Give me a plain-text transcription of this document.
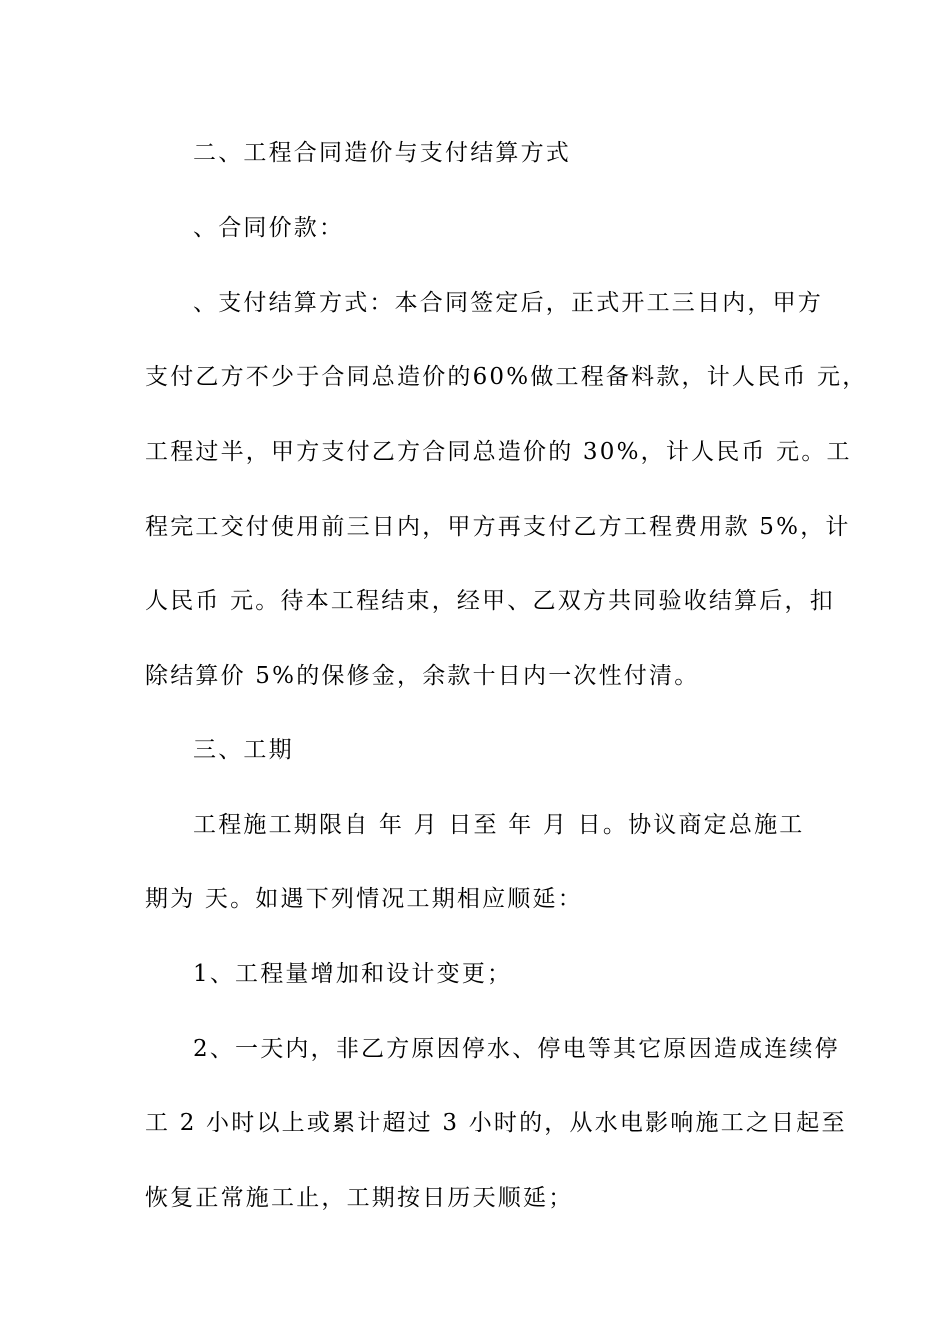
二、工程合同造价与支付结算方式
、合同价款：
、支付结算方式：本合同签定后，正式开工三日内，甲方
支付乙方不少于合同总造价的60%做工程备料款，计人民币 元，
工程过半，甲方支付乙方合同总造价的 30%，计人民币 元。工
程完工交付使用前三日内，甲方再支付乙方工程费用款 5%，计
人民币 元。待本工程结束，经甲、乙双方共同验收结算后，扣
除结算价 5%的保修金，余款十日内一次性付清。
三、工期
工程施工期限自 年 月 日至 年 月 日。协议商定总施工
期为 天。如遇下列情况工期相应顺延：
1、工程量增加和设计变更；
2、一天内，非乙方原因停水、停电等其它原因造成连续停
工 2 小时以上或累计超过 3 小时的，从水电影响施工之日起至
恢复正常施工止，工期按日历天顺延；
